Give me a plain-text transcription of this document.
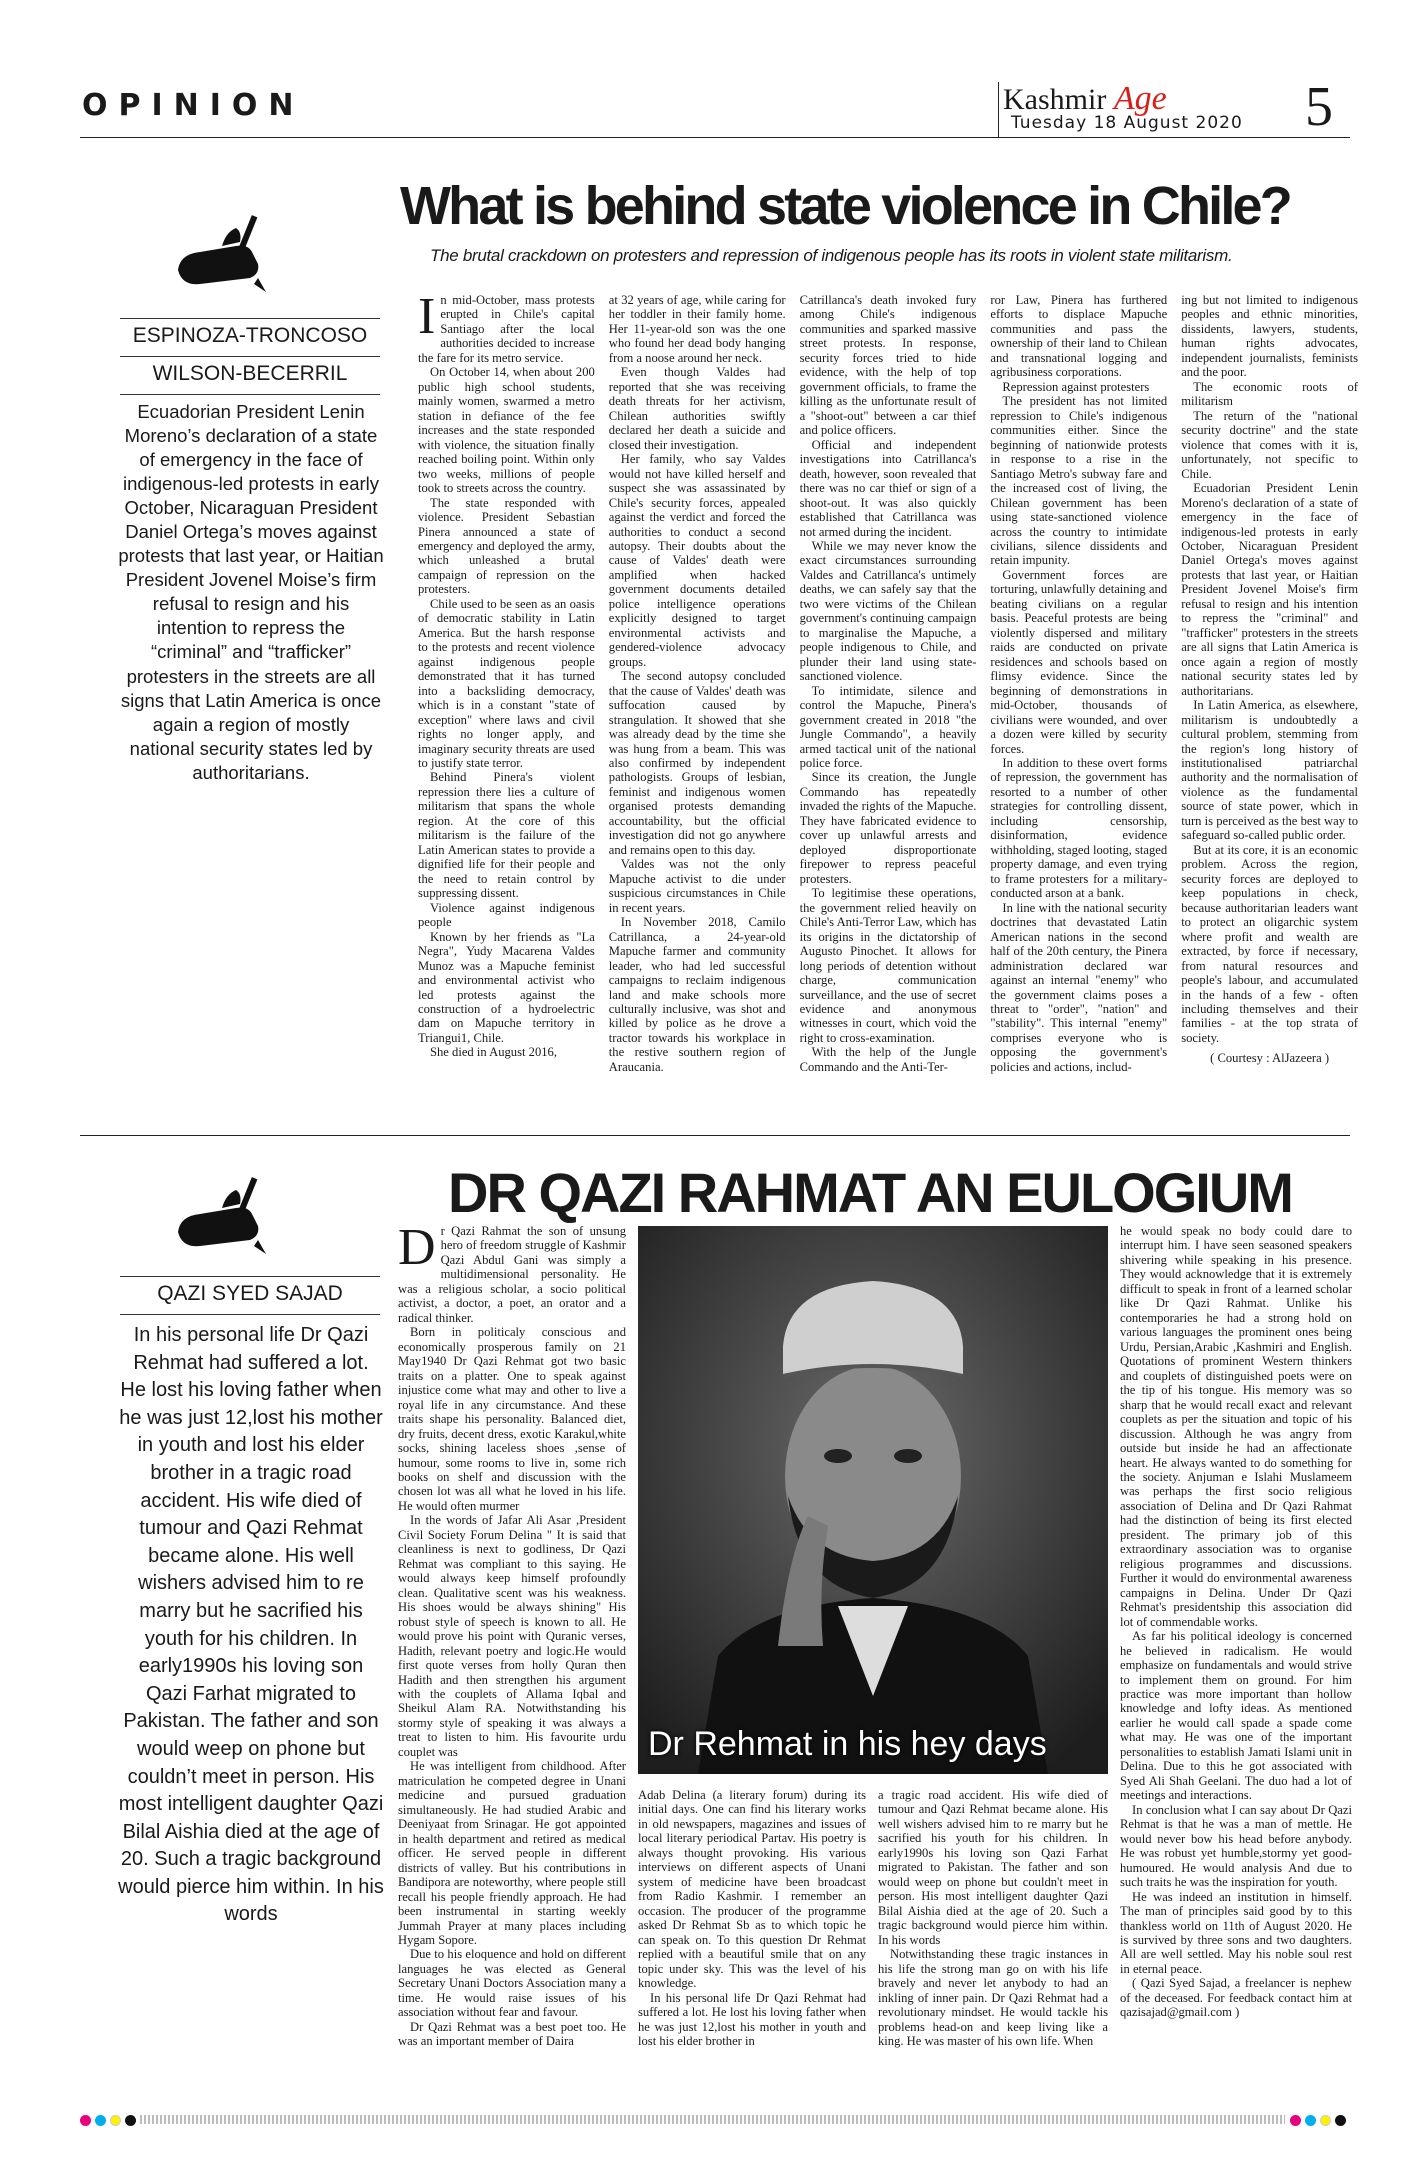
OPINION	Kashmir Age
Tuesday 18 August 2020 5
What is behind state violence in Chile?
The brutal crackdown on protesters and repression of indigenous people has its roots in violent state militarism.
ESPINOZA-TRONCOSO
WILSON-BECERRIL
Ecuadorian President Lenin Moreno’s declaration of a state of emergency in the face of indigenous-led protests in early October, Nicaraguan President Daniel Ortega’s moves against protests that last year, or Haitian President Jovenel Moise’s firm refusal to resign and his intention to repress the “criminal” and “trafficker” protesters in the streets are all signs that Latin America is once again a region of mostly national security states led by authoritarians.
I n mid-October, mass protests erupted in Chile's capital Santiago after the local authorities decided to increase the fare for its metro service.

On October 14, when about 200 public high school students, mainly women, swarmed a metro station in defiance of the fee increases and the state responded with violence, the situation finally reached boiling point. Within only two weeks, millions of people took to streets across the country.

The state responded with violence. President Sebastian Pinera announced a state of emergency and deployed the army, which unleashed a brutal campaign of repression on the protesters.

Chile used to be seen as an oasis of democratic stability in Latin America. But the harsh response to the protests and recent violence against indigenous people demonstrated that it has turned into a backsliding democracy, which is in a constant "state of exception" where laws and civil rights no longer apply, and imaginary security threats are used to justify state terror.

Behind Pinera's violent repression there lies a culture of militarism that spans the whole region. At the core of this militarism is the failure of the Latin American states to provide a dignified life for their people and the need to retain control by suppressing dissent.

Violence against indigenous people

Known by her friends as "La Negra", Yudy Macarena Valdes Munoz was a Mapuche feminist and environmental activist who led protests against the construction of a hydroelectric dam on Mapuche territory in Triangui1, Chile.

She died in August 2016,

at 32 years of age, while caring for her toddler in their family home. Her 11-year-old son was the one who found her dead body hanging from a noose around her neck.

Even though Valdes had reported that she was receiving death threats for her activism, Chilean authorities swiftly declared her death a suicide and closed their investigation.

Her family, who say Valdes would not have killed herself and suspect she was assassinated by Chile's security forces, appealed against the verdict and forced the authorities to conduct a second autopsy. Their doubts about the cause of Valdes' death were amplified when hacked government documents detailed police intelligence operations explicitly designed to target environmental activists and gendered-violence advocacy groups.

The second autopsy concluded that the cause of Valdes' death was suffocation caused by strangulation. It showed that she was already dead by the time she was hung from a beam. This was also confirmed by independent pathologists. Groups of lesbian, feminist and indigenous women organised protests demanding accountability, but the official investigation did not go anywhere and remains open to this day.

Valdes was not the only Mapuche activist to die under suspicious circumstances in Chile in recent years.

In November 2018, Camilo Catrillanca, a 24-year-old Mapuche farmer and community leader, who had led successful campaigns to reclaim indigenous land and make schools more culturally inclusive, was shot and killed by police as he drove a tractor towards his workplace in the restive southern region of Araucania.

Catrillanca's death invoked fury among Chile's indigenous communities and sparked massive street protests. In response, security forces tried to hide evidence, with the help of top government officials, to frame the killing as the unfortunate result of a "shoot-out" between a car thief and police officers.

Official and independent investigations into Catrillanca's death, however, soon revealed that there was no car thief or sign of a shoot-out. It was also quickly established that Catrillanca was not armed during the incident.

While we may never know the exact circumstances surrounding Valdes and Catrillanca's untimely deaths, we can safely say that the two were victims of the Chilean government's continuing campaign to marginalise the Mapuche, a people indigenous to Chile, and plunder their land using state-sanctioned violence.

To intimidate, silence and control the Mapuche, Pinera's government created in 2018 "the Jungle Commando", a heavily armed tactical unit of the national police force.

Since its creation, the Jungle Commando has repeatedly invaded the rights of the Mapuche. They have fabricated evidence to cover up unlawful arrests and deployed disproportionate firepower to repress peaceful protesters.

To legitimise these operations, the government relied heavily on Chile's Anti-Terror Law, which has its origins in the dictatorship of Augusto Pinochet. It allows for long periods of detention without charge, communication surveillance, and the use of secret evidence and anonymous witnesses in court, which void the right to cross-examination.

With the help of the Jungle Commando and the Anti-Ter-

ror Law, Pinera has furthered efforts to displace Mapuche communities and pass the ownership of their land to Chilean and transnational logging and agribusiness corporations.

Repression against protesters

The president has not limited repression to Chile's indigenous communities either. Since the beginning of nationwide protests in response to a rise in the Santiago Metro's subway fare and the increased cost of living, the Chilean government has been using state-sanctioned violence across the country to intimidate civilians, silence dissidents and retain impunity.

Government forces are torturing, unlawfully detaining and beating civilians on a regular basis. Peaceful protests are being violently dispersed and military raids are conducted on private residences and schools based on flimsy evidence. Since the beginning of demonstrations in mid-October, thousands of civilians were wounded, and over a dozen were killed by security forces.

In addition to these overt forms of repression, the government has resorted to a number of other strategies for controlling dissent, including censorship, disinformation, evidence withholding, staged looting, staged property damage, and even trying to frame protesters for a military-conducted arson at a bank.

In line with the national security doctrines that devastated Latin American nations in the second half of the 20th century, the Pinera administration declared war against an internal "enemy" who the government claims poses a threat to "order", "nation" and "stability". This internal "enemy" comprises everyone who is opposing the government's policies and actions, includ-

ing but not limited to indigenous peoples and ethnic minorities, dissidents, lawyers, students, human rights advocates, independent journalists, feminists and the poor.

The economic roots of militarism

The return of the "national security doctrine" and the state violence that comes with it is, unfortunately, not specific to Chile.

Ecuadorian President Lenin Moreno's declaration of a state of emergency in the face of indigenous-led protests in early October, Nicaraguan President Daniel Ortega's moves against protests that last year, or Haitian President Jovenel Moise's firm refusal to resign and his intention to repress the "criminal" and "trafficker" protesters in the streets are all signs that Latin America is once again a region of mostly national security states led by authoritarians.

In Latin America, as elsewhere, militarism is undoubtedly a cultural problem, stemming from the region's long history of institutionalised patriarchal authority and the normalisation of violence as the fundamental source of state power, which in turn is perceived as the best way to safeguard so-called public order.

But at its core, it is an economic problem. Across the region, security forces are deployed to keep populations in check, because authoritarian leaders want to protect an oligarchic system where profit and wealth are extracted, by force if necessary, from natural resources and people's labour, and accumulated in the hands of a few - often including themselves and their families - at the top strata of society.

( Courtesy : AlJazeera )

DR QAZI RAHMAT AN EULOGIUM
QAZI SYED SAJAD
In his personal life Dr Qazi Rehmat had suffered a lot. He lost his loving father when he was just 12,lost his mother in youth and lost his elder brother in a tragic road accident. His wife died of tumour and Qazi Rehmat became alone. His well wishers advised him to re marry but he sacrified his youth for his children. In early1990s his loving son Qazi Farhat migrated to Pakistan. The father and son would weep on phone but couldn’t meet in person. His most intelligent daughter Qazi Bilal Aishia died at the age of 20. Such a tragic background would pierce him within. In his words
D r Qazi Rahmat the son of unsung hero of freedom struggle of Kashmir Qazi Abdul Gani was simply a multidimensional personality. He was a religious scholar, a socio political activist, a doctor, a poet, an orator and a radical thinker.

Born in politicaly conscious and economically prosperous family on 21 May1940 Dr Qazi Rehmat got two basic traits on a platter. One to speak against injustice come what may and other to live a royal life in any circumstance. And these traits shape his personality. Balanced diet, dry fruits, decent dress, exotic Karakul,white socks, shining laceless shoes ,sense of humour, some rooms to live in, some rich books on shelf and discussion with the chosen lot was all what he loved in his life. He would often murmer

In the words of Jafar Ali Asar ,President Civil Society Forum Delina " It is said that cleanliness is next to godliness, Dr Qazi Rehmat was compliant to this saying. He would always keep himself profoundly clean. Qualitative scent was his weakness. His shoes would be always shining" His robust style of speech is known to all. He would prove his point with Quranic verses, Hadith, relevant poetry and logic.He would first quote verses from holly Quran then Hadith and then strengthen his argument with the couplets of Allama Iqbal and Sheikul Alam RA. Notwithstanding his stormy style of speaking it was always a treat to listen to him. His favourite urdu couplet was

He was intelligent from childhood. After matriculation he competed degree in Unani medicine and pursued graduation simultaneously. He had studied Arabic and Deeniyaat from Srinagar. He got appointed in health department and retired as medical officer. He served people in different districts of valley. But his contributions in Bandipora are noteworthy, where people still recall his people friendly approach. He had been instrumental in starting weekly Jummah Prayer at many places including Hygam Sopore.

Due to his eloquence and hold on different languages he was elected as General Secretary Unani Doctors Association many a time. He would raise issues of his association without fear and favour.

Dr Qazi Rehmat was a best poet too. He was an important member of Daira

Dr Rehmat in his hey days

Adab Delina (a literary forum) during its initial days. One can find his literary works in old newspapers, magazines and issues of local literary periodical Partav. His poetry is always thought provoking. His various interviews on different aspects of Unani system of medicine have been broadcast from Radio Kashmir. I remember an occasion. The producer of the programme asked Dr Rehmat Sb as to which topic he can speak on. To this question Dr Rehmat replied with a beautiful smile that on any topic under sky. This was the level of his knowledge.

In his personal life Dr Qazi Rehmat had suffered a lot. He lost his loving father when he was just 12,lost his mother in youth and lost his elder brother in

a tragic road accident. His wife died of tumour and Qazi Rehmat became alone. His well wishers advised him to re marry but he sacrified his youth for his children. In early1990s his loving son Qazi Farhat migrated to Pakistan. The father and son would weep on phone but couldn't meet in person. His most intelligent daughter Qazi Bilal Aishia died at the age of 20. Such a tragic background would pierce him within. In his words

Notwithstanding these tragic instances in his life the strong man go on with his life bravely and never let anybody to had an inkling of inner pain. Dr Qazi Rehmat had a revolutionary mindset. He would tackle his problems head-on and keep living like a king. He was master of his own life. When

he would speak no body could dare to interrupt him. I have seen seasoned speakers shivering while speaking in his presence. They would acknowledge that it is extremely difficult to speak in front of a learned scholar like Dr Qazi Rahmat. Unlike his contemporaries he had a strong hold on various languages the prominent ones being Urdu, Persian,Arabic ,Kashmiri and English. Quotations of prominent Western thinkers and couplets of distinguished poets were on the tip of his tongue. His memory was so sharp that he would recall exact and relevant couplets as per the situation and topic of his discussion. Although he was angry from outside but inside he had an affectionate heart. He always wanted to do something for the society. Anjuman e Islahi Muslameem was perhaps the first socio religious association of Delina and Dr Qazi Rahmat had the distinction of being its first elected president. The primary job of this extraordinary association was to organise religious programmes and discussions. Further it would do environmental awareness campaigns in Delina. Under Dr Qazi Rehmat's presidentship this association did lot of commendable works.

As far his political ideology is concerned he believed in radicalism. He would emphasize on fundamentals and would strive to implement them on ground. For him practice was more important than hollow knowledge and lofty ideas. As mentioned earlier he would call spade a spade come what may. He was one of the important personalities to establish Jamati Islami unit in Delina. Due to this he got associated with Syed Ali Shah Geelani. The duo had a lot of meetings and interactions.

In conclusion what I can say about Dr Qazi Rehmat is that he was a man of mettle. He would never bow his head before anybody. He was robust yet humble,stormy yet good-humoured. He would analysis And due to such traits he was the inspiration for youth.

He was indeed an institution in himself. The man of principles said good by to this thankless world on 11th of August 2020. He is survived by three sons and two daughters. All are well settled. May his noble soul rest in eternal peace.

( Qazi Syed Sajad, a freelancer is nephew of the deceased. For feedback contact him at qazisajad@gmail.com )
